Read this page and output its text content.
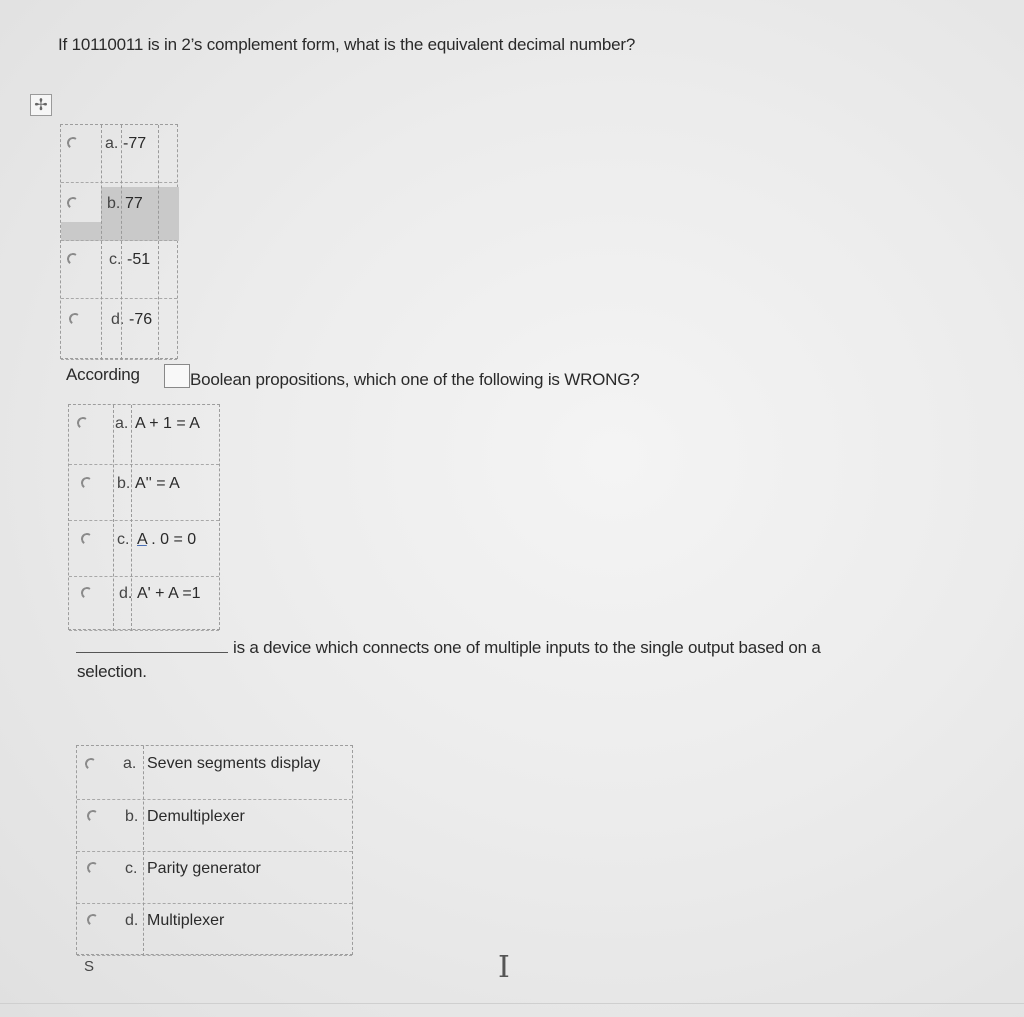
If 10110011 is in 2’s complement form, what is the equivalent decimal number?
✢
a. -77
b. 77
c. -51
d. -76
According	Boolean propositions, which one of the following is WRONG?
a. A + 1 = A
b. A'' = A
c. A . 0 = 0
d. A' + A =1
is a device which connects one of multiple inputs to the single output based on a
selection.
a. Seven segments display
b. Demultiplexer
c. Parity generator
d. Multiplexer
S	I
